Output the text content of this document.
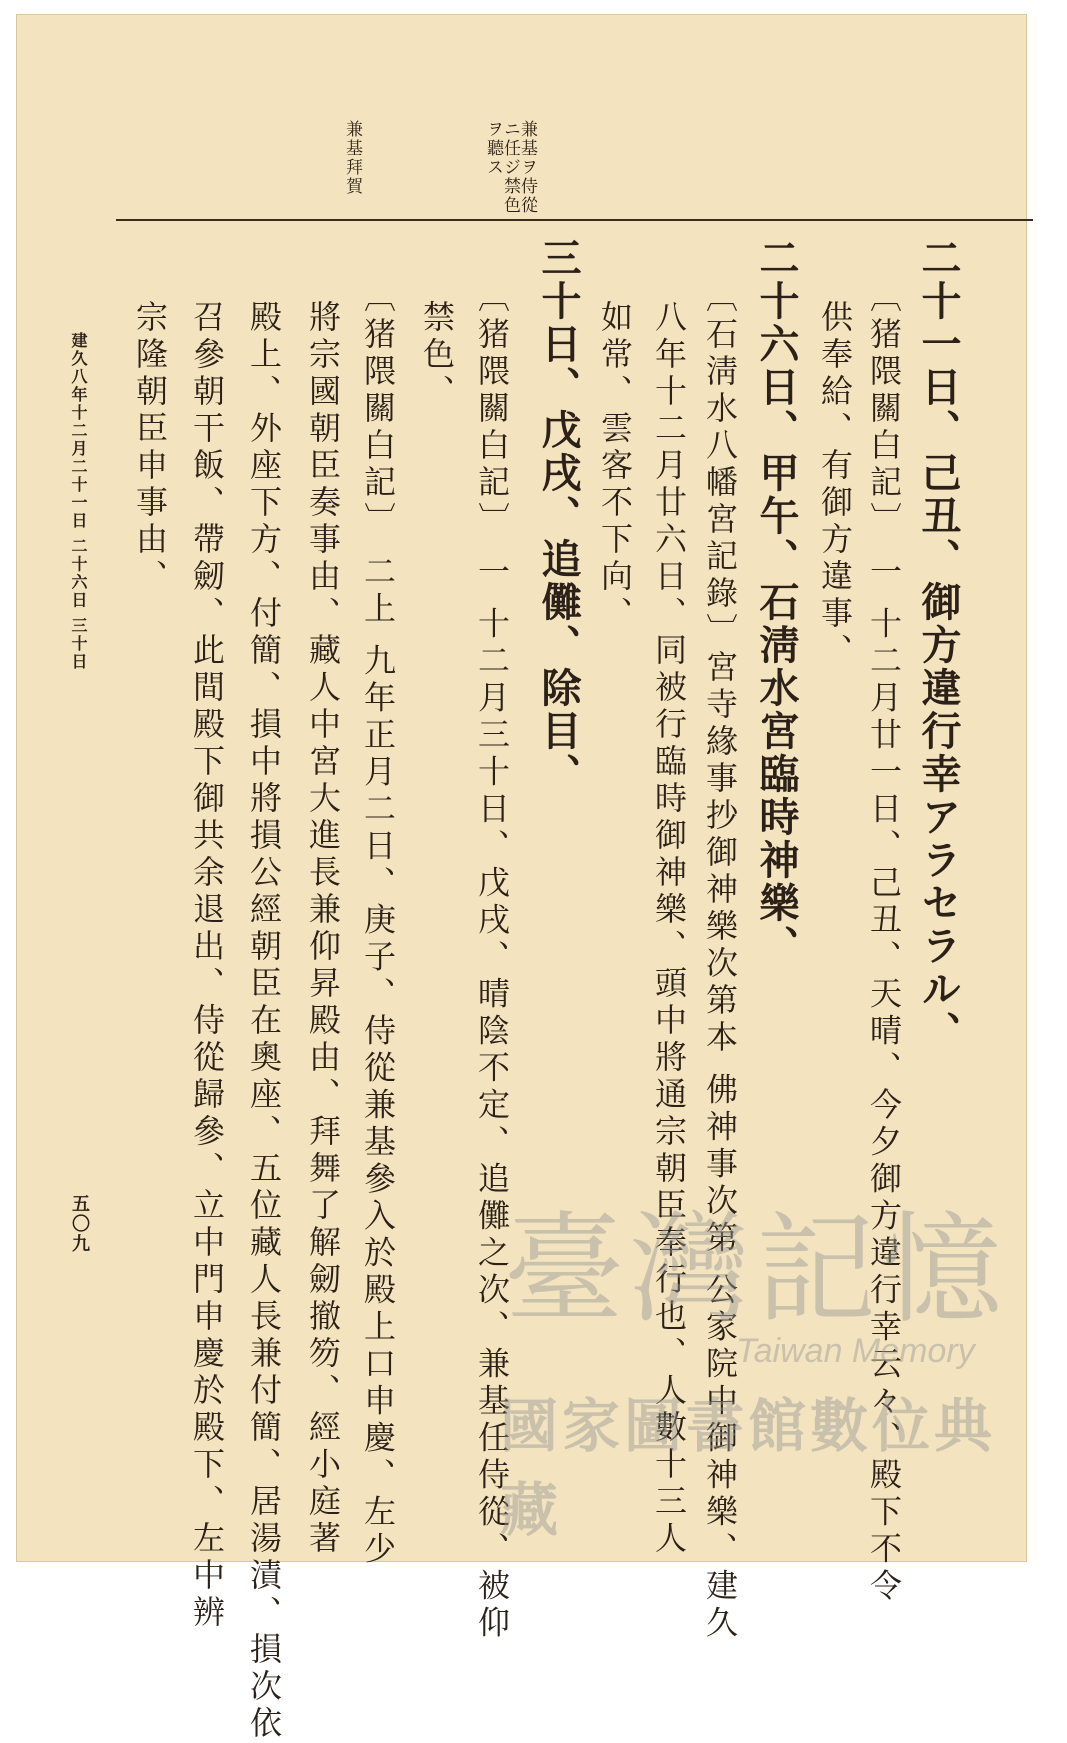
兼基ヲ侍從ニ任ジ禁色ヲ聽ス
兼基拜賀
二十一日、己丑、御方違行幸アラセラル、
〔猪隈關白記〕 一 十二月廿一日、己丑、天晴、今夕御方違行幸云々、殿下不令
供奉給、有御方違事、
二十六日、甲午、石淸水宮臨時神樂、
〔石淸水八幡宮記錄〕宮寺緣事抄御神樂次第本 佛神事次第 公家院中御神樂、建久
八年十二月廿六日、同被行臨時御神樂、頭中將通宗朝臣奉行也、人數十三人
如常、雲客不下向、
三十日、戊戌、追儺、除目、
〔猪隈關白記〕 一 十二月三十日、戊戌、晴陰不定、追儺之次、兼基任侍從、被仰
禁色、
〔猪隈關白記〕 二上 九年正月二日、庚子、侍從兼基參入於殿上口申慶、左少
將宗國朝臣奏事由、藏人中宮大進長兼仰昇殿由、拜舞了解劒撤笏、經小庭著
殿上、外座下方、付簡、損中將損公經朝臣在奧座、五位藏人長兼付簡、居湯漬、損次依
召參朝干飯、帶劒、此間殿下御共余退出、侍從歸參、立中門申慶於殿下、左中辨
宗隆朝臣申事由、
建久八年十二月二十一日 二十六日 三十日
五〇九	臺灣記憶
Taiwan Memory
國家圖書館數位典藏
